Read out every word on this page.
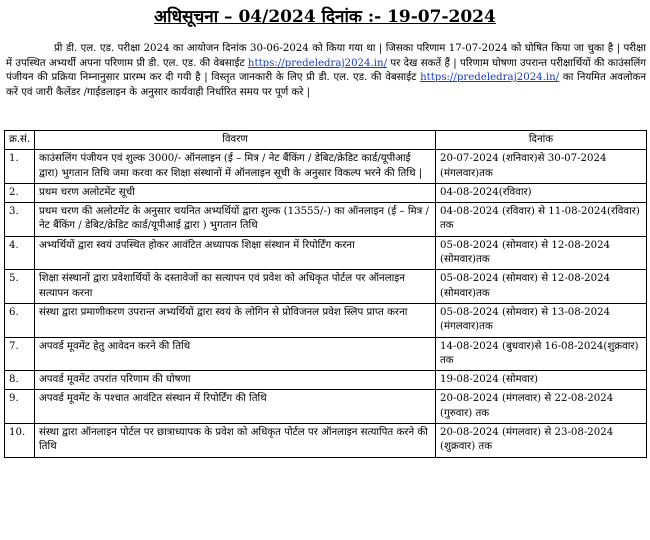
अधिसूचना – 04/2024 दिनांक :- 19-07-2024
प्री डी. एल. एड. परीक्षा 2024 का आयोजन दिनांक 30-06-2024 को किया गया था | जिसका परिणाम 17-07-2024 को घोषित किया जा चुका है | परीक्षा में उपस्थित अभ्यर्थी अपना परिणाम प्री डी. एल. एड. की वेबसाईट https://predeledraj2024.in/ पर देख सकतें हैं | परिणाम घोषणा उपरान्त परीक्षार्थियों की काउंसलिंग पंजीयन की प्रक्रिया निम्नानुसार प्रारम्भ कर दी गयी है | विस्तृत जानकारी के लिए प्री डी. एल. एड. की वेबसाईट https://predeledraj2024.in/ का नियमित अवलोकन करें एवं जारी कैलेंडर /गाईडलाइन के अनुसार कार्यवाही निर्धारित समय पर पूर्ण करे |
क्र.सं.	विवरण	दिनांक
1.	काउंसलिंग पंजीयन एवं शुल्क 3000/- ऑनलाइन (ई – मित्र / नेट बैंकिंग / डेबिट/क्रेडिट कार्ड/यूपीआई द्वारा) भुगतान तिथि जमा करवा कर शिक्षा संस्थानों में ऑनलाइन सूची के अनुसार विकल्प भरने की तिथि |	20-07-2024 (शनिवार)से 30-07-2024 (मंगलवार)तक
2.	प्रथम चरण अलोटमेंट सूची	04-08-2024(रविवार)
3.	प्रथम चरण की अलोटमेंट के अनुसार चयनित अभ्यर्थियों द्वारा शुल्क (13555/-) का ऑनलाइन (ई – मित्र / नेट बैंकिंग / डेबिट/क्रेडिट कार्ड/यूपीआई द्वारा ) भुगतान तिथि	04-08-2024 (रविवार) से 11-08-2024(रविवार) तक
4.	अभ्यर्थियों द्वारा स्वयं उपस्थित होकर आवंटित अध्यापक शिक्षा संस्थान में रिपोर्टिंग करना	05-08-2024 (सोमवार) से 12-08-2024 (सोमवार)तक
5.	शिक्षा संस्थानों द्वारा प्रवेशार्थियों के दस्तावेजों का सत्यापन एवं प्रवेश को अधिकृत पोर्टल पर ऑनलाइन सत्यापन करना	05-08-2024 (सोमवार) से 12-08-2024 (सोमवार)तक
6.	संस्था द्वारा प्रमाणीकरण उपरान्त अभ्यर्थियों द्वारा स्वयं के लोगिन से प्रोविजनल प्रवेश स्लिप प्राप्त करना	05-08-2024 (सोमवार) से 13-08-2024 (मंगलवार)तक
7.	अपवर्ड मूवमेंट हेतु आवेदन करने की तिथि	14-08-2024 (बुधवार)से 16-08-2024(शुक्रवार) तक
8.	अपवर्ड मूवमेंट उपरांत परिणाम की घोषणा	19-08-2024 (सोमवार)
9.	अपवर्ड मूवमेंट के पश्चात आवंटित संस्थान में रिपोर्टिंग की तिथि	20-08-2024 (मंगलवार) से 22-08-2024 (गुरुवार) तक
10.	संस्था द्वारा ऑनलाइन पोर्टल पर छात्राध्यापक के प्रवेश को अधिकृत पोर्टल पर ऑनलाइन सत्यापित करने की तिथि	20-08-2024 (मंगलवार) से 23-08-2024 (शुक्रवार) तक
